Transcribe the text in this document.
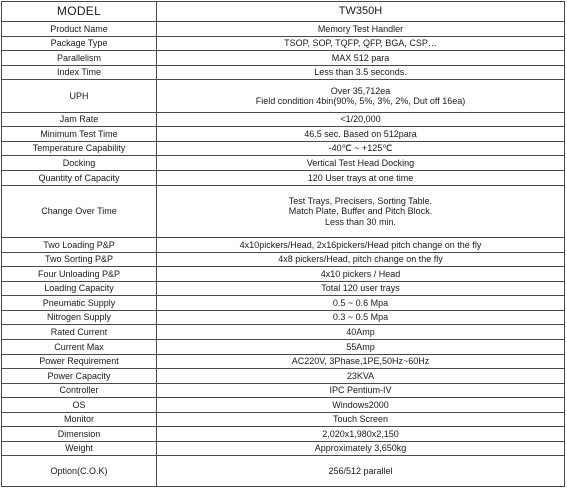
MODEL	TW350H
Product Name	Memory Test Handler

Package Type	TSOP, SOP, TQFP, QFP, BGA, CSP…

Parallelism	MAX 512 para

Index Time	Less than 3.5 seconds.

UPH	Over 35,712ea
Field condition 4bin(90%, 5%, 3%, 2%, Dut off 16ea)

Jam Rate	<1/20,000

Minimum Test Time	46.5 sec. Based on 512para

Temperature Capability	-40℃ ~ +125℃

Docking	Vertical Test Head Docking

Quantity of Capacity	120 User trays at one time

Change Over Time	Test Trays, Precisers, Sorting Table.
Match Plate, Buffer and Pitch Block.
Less than 30 min.

Two Loading P&P	4x10pickers/Head, 2x16pickers/Head pitch change on the fly

Two Sorting P&P	4x8 pickers/Head, pitch change on the fly

Four Unloading P&P	4x10 pickers / Head

Loading Capacity	Total 120 user trays

Pneumatic Supply	0.5 ~ 0.6 Mpa

Nitrogen Supply	0.3 ~ 0.5 Mpa

Rated Current	40Amp

Current Max	55Amp

Power Requirement	AC220V, 3Phase,1PE,50Hz~60Hz

Power Capacity	23KVA

Controller	IPC Pentium-IV

OS	Windows2000

Monitor	Touch Screen

Dimension	2,020x1,980x2,150

Weight	Approximately 3,650kg

Option(C.O.K)	256/512 parallel
